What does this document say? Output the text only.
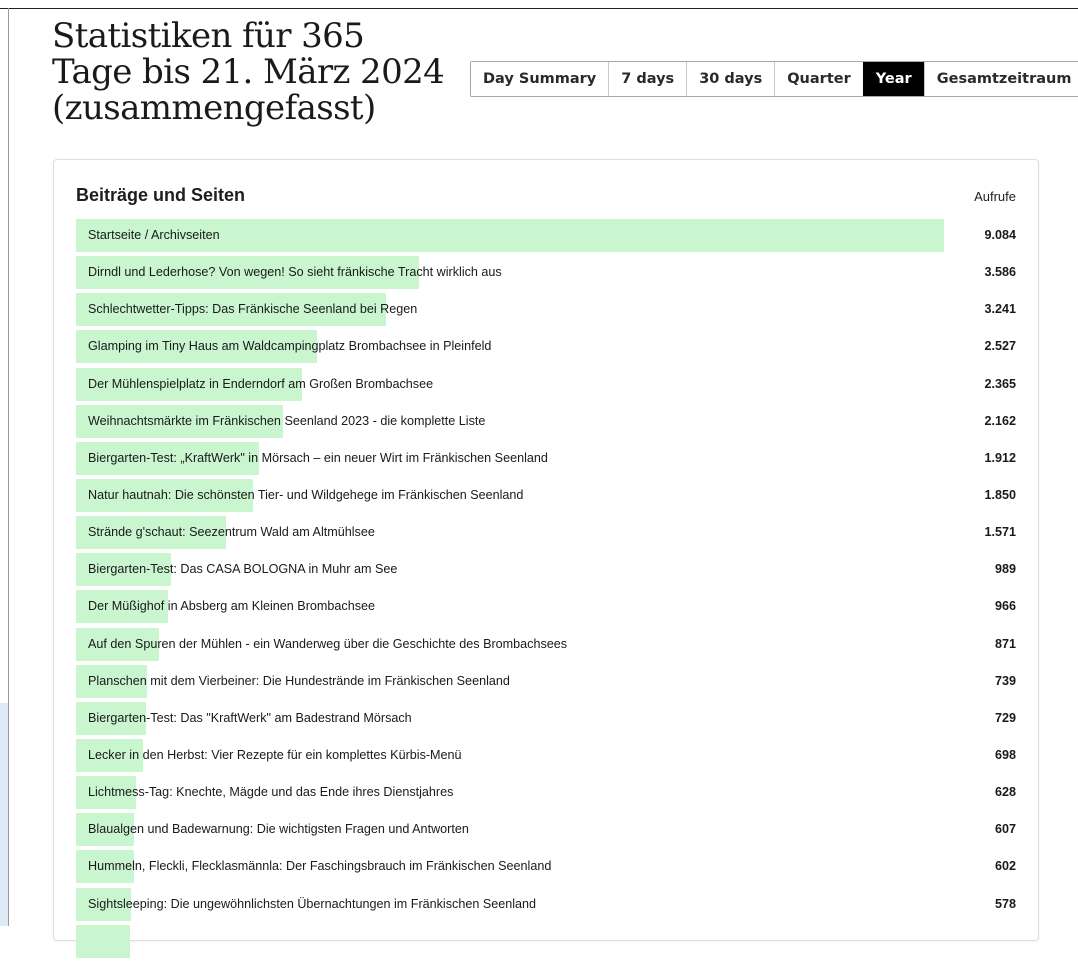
Statistiken für 365
Tage bis 21. März 2024
(zusammengefasst)
Day Summary	7 days	30 days	Quarter	Year	Gesamtzeitraum
Beiträge und Seiten	Aufrufe
Startseite / Archivseiten	9.084
Dirndl und Lederhose? Von wegen! So sieht fränkische Tracht wirklich aus	3.586
Schlechtwetter-Tipps: Das Fränkische Seenland bei Regen	3.241
Glamping im Tiny Haus am Waldcampingplatz Brombachsee in Pleinfeld	2.527
Der Mühlenspielplatz in Enderndorf am Großen Brombachsee	2.365
Weihnachtsmärkte im Fränkischen Seenland 2023 - die komplette Liste	2.162
Biergarten-Test: „KraftWerk" in Mörsach – ein neuer Wirt im Fränkischen Seenland	1.912
Natur hautnah: Die schönsten Tier- und Wildgehege im Fränkischen Seenland	1.850
Strände g'schaut: Seezentrum Wald am Altmühlsee	1.571
Biergarten-Test: Das CASA BOLOGNA in Muhr am See	989
Der Müßighof in Absberg am Kleinen Brombachsee	966
Auf den Spuren der Mühlen - ein Wanderweg über die Geschichte des Brombachsees	871
Planschen mit dem Vierbeiner: Die Hundestrände im Fränkischen Seenland	739
Biergarten-Test: Das "KraftWerk" am Badestrand Mörsach	729
Lecker in den Herbst: Vier Rezepte für ein komplettes Kürbis-Menü	698
Lichtmess-Tag: Knechte, Mägde und das Ende ihres Dienstjahres	628
Blaualgen und Badewarnung: Die wichtigsten Fragen und Antworten	607
Hummeln, Fleckli, Flecklasmännla: Der Faschingsbrauch im Fränkischen Seenland	602
Sightsleeping: Die ungewöhnlichsten Übernachtungen im Fränkischen Seenland	578
